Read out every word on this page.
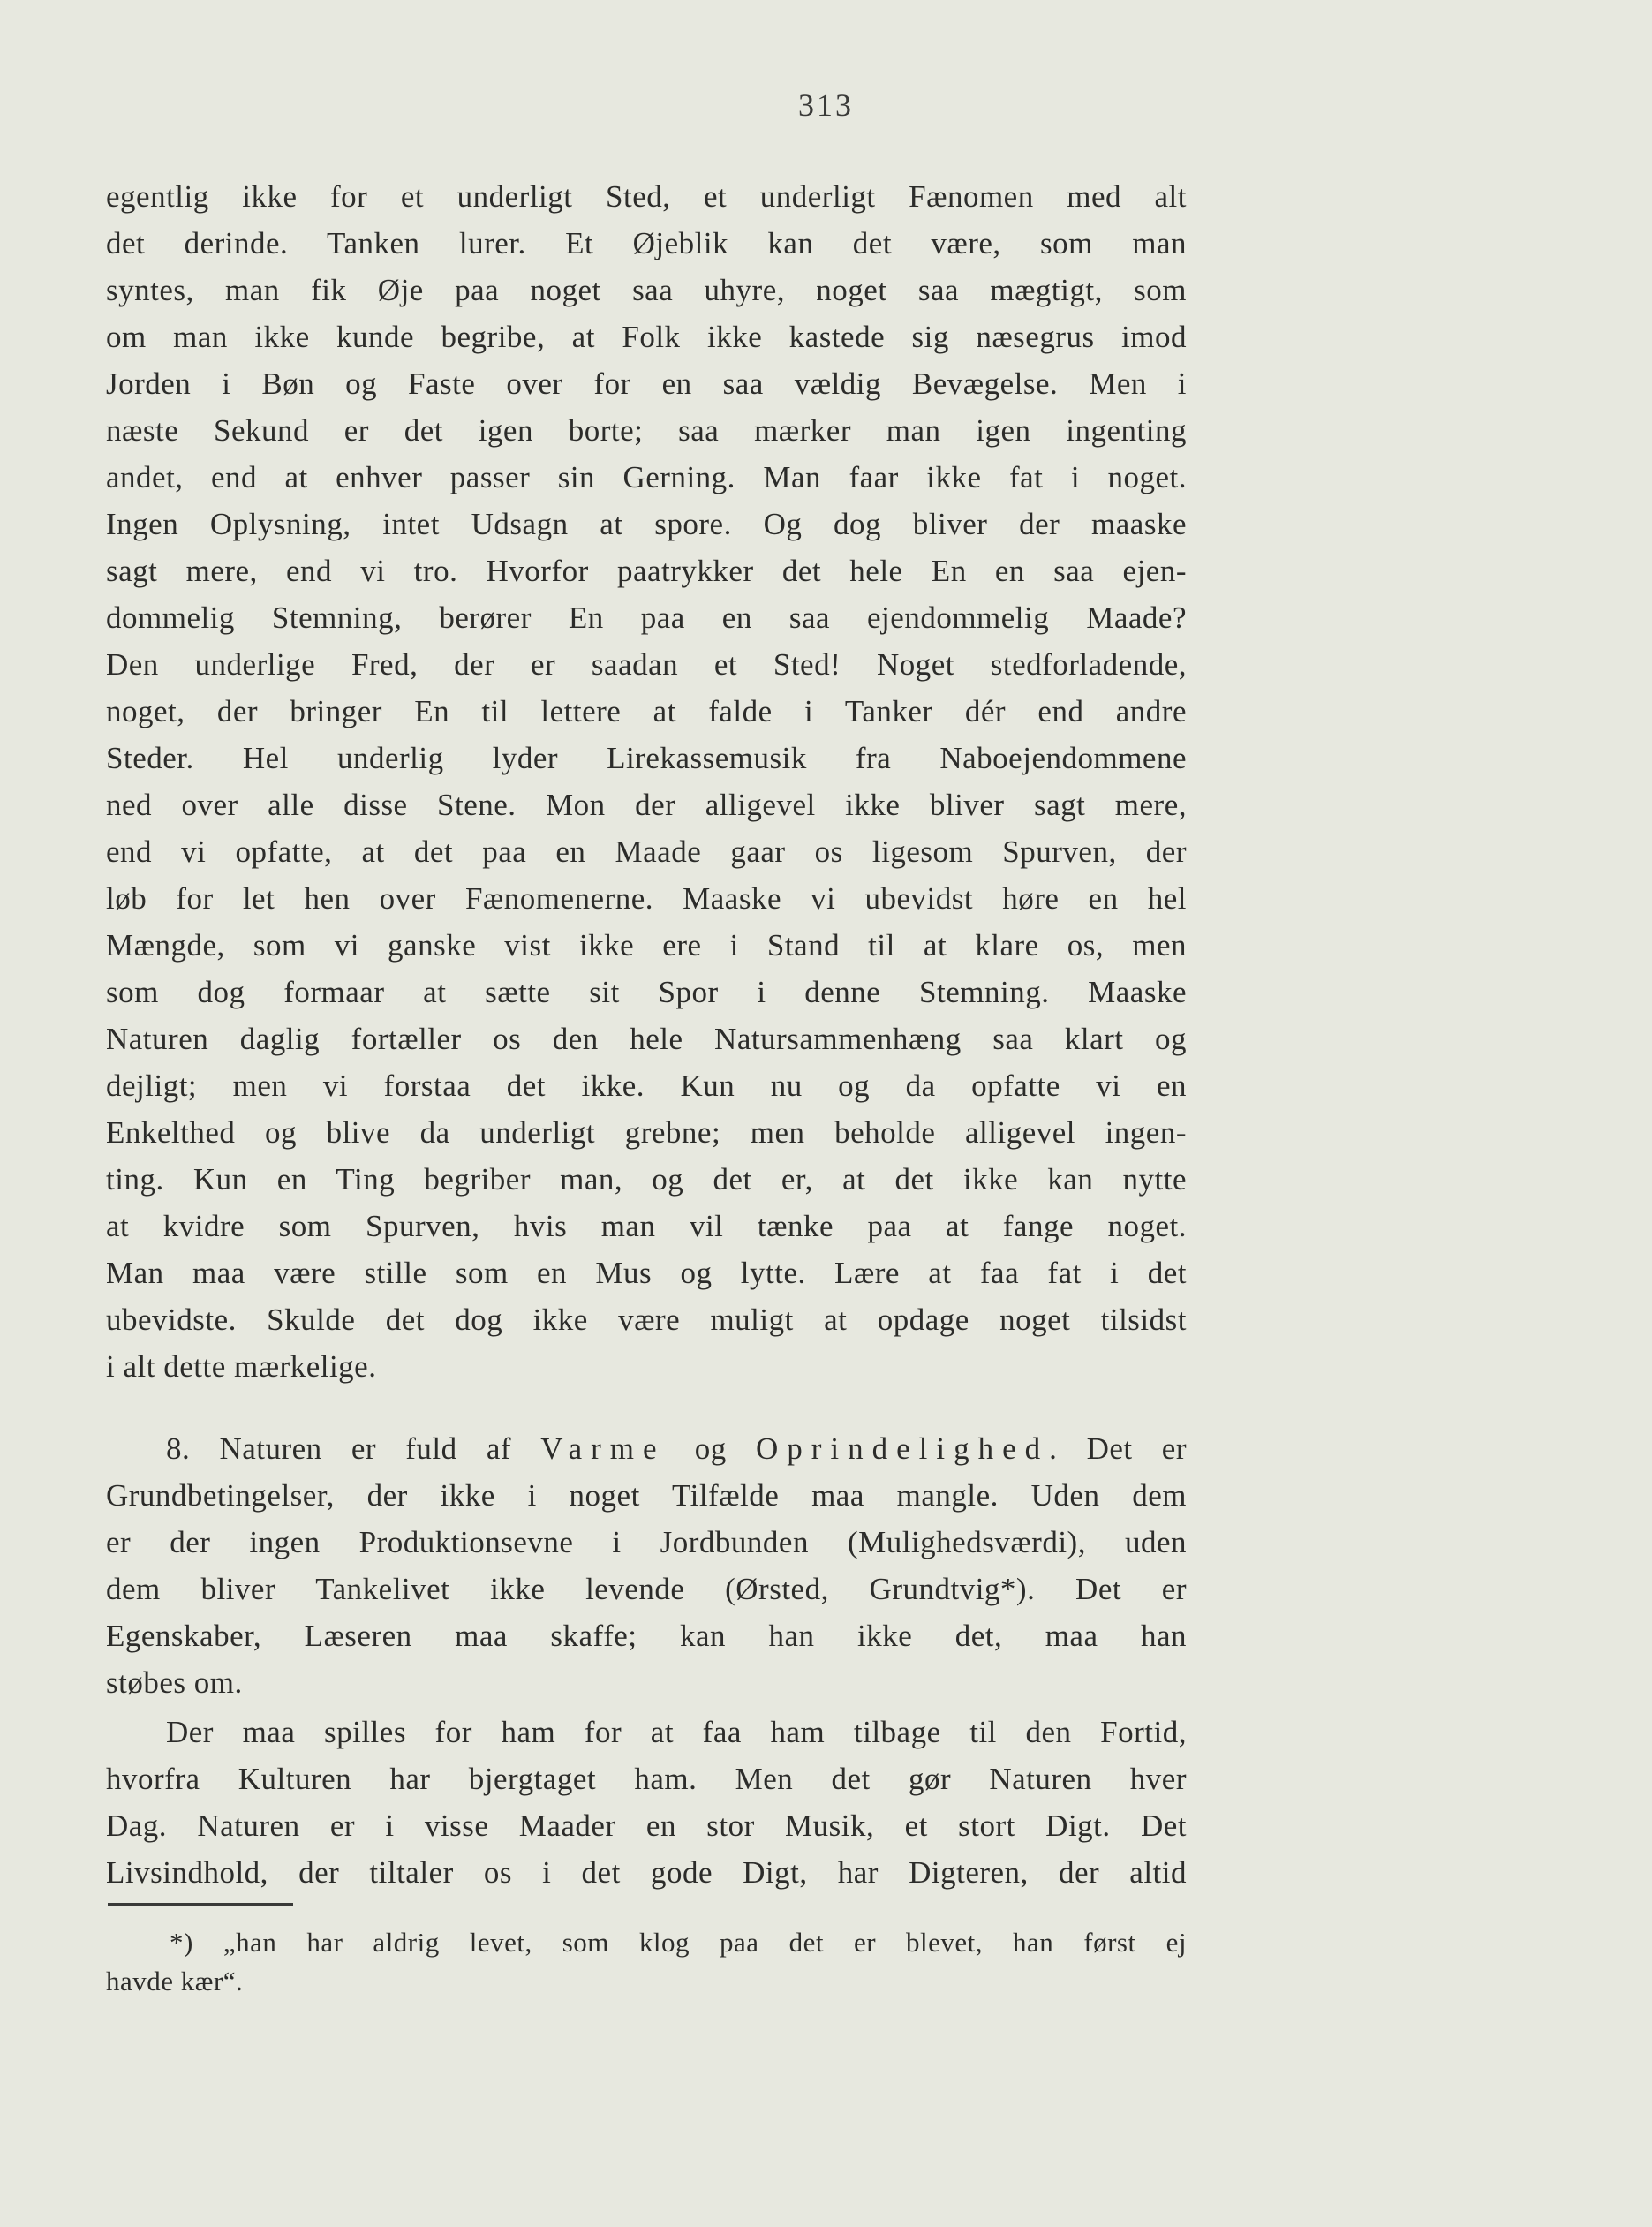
313
egentlig ikke for et underligt Sted, et underligt Fænomen med alt
det derinde. Tanken lurer. Et Øjeblik kan det være, som man
syntes, man fik Øje paa noget saa uhyre, noget saa mægtigt, som
om man ikke kunde begribe, at Folk ikke kastede sig næsegrus imod
Jorden i Bøn og Faste over for en saa vældig Bevægelse. Men i
næste Sekund er det igen borte; saa mærker man igen ingenting
andet, end at enhver passer sin Gerning. Man faar ikke fat i noget.
Ingen Oplysning, intet Udsagn at spore. Og dog bliver der maaske
sagt mere, end vi tro. Hvorfor paatrykker det hele En en saa ejen-
dommelig Stemning, berører En paa en saa ejendommelig Maade?
Den underlige Fred, der er saadan et Sted! Noget stedforladende,
noget, der bringer En til lettere at falde i Tanker dér end andre
Steder. Hel underlig lyder Lirekassemusik fra Naboejendommene
ned over alle disse Stene. Mon der alligevel ikke bliver sagt mere,
end vi opfatte, at det paa en Maade gaar os ligesom Spurven, der
løb for let hen over Fænomenerne. Maaske vi ubevidst høre en hel
Mængde, som vi ganske vist ikke ere i Stand til at klare os, men
som dog formaar at sætte sit Spor i denne Stemning. Maaske
Naturen daglig fortæller os den hele Natursammenhæng saa klart og
dejligt; men vi forstaa det ikke. Kun nu og da opfatte vi en
Enkelthed og blive da underligt grebne; men beholde alligevel ingen-
ting. Kun en Ting begriber man, og det er, at det ikke kan nytte
at kvidre som Spurven, hvis man vil tænke paa at fange noget.
Man maa være stille som en Mus og lytte. Lære at faa fat i det
ubevidste. Skulde det dog ikke være muligt at opdage noget tilsidst
i alt dette mærkelige.
8. Naturen er fuld af Varme og Oprindelighed. Det er
Grundbetingelser, der ikke i noget Tilfælde maa mangle. Uden dem
er der ingen Produktionsevne i Jordbunden (Mulighedsværdi), uden
dem bliver Tankelivet ikke levende (Ørsted, Grundtvig*). Det er
Egenskaber, Læseren maa skaffe; kan han ikke det, maa han
støbes om.
Der maa spilles for ham for at faa ham tilbage til den Fortid,
hvorfra Kulturen har bjergtaget ham. Men det gør Naturen hver
Dag. Naturen er i visse Maader en stor Musik, et stort Digt. Det
Livsindhold, der tiltaler os i det gode Digt, har Digteren, der altid
*) „han har aldrig levet, som klog paa det er blevet, han først ej
havde kær“.
